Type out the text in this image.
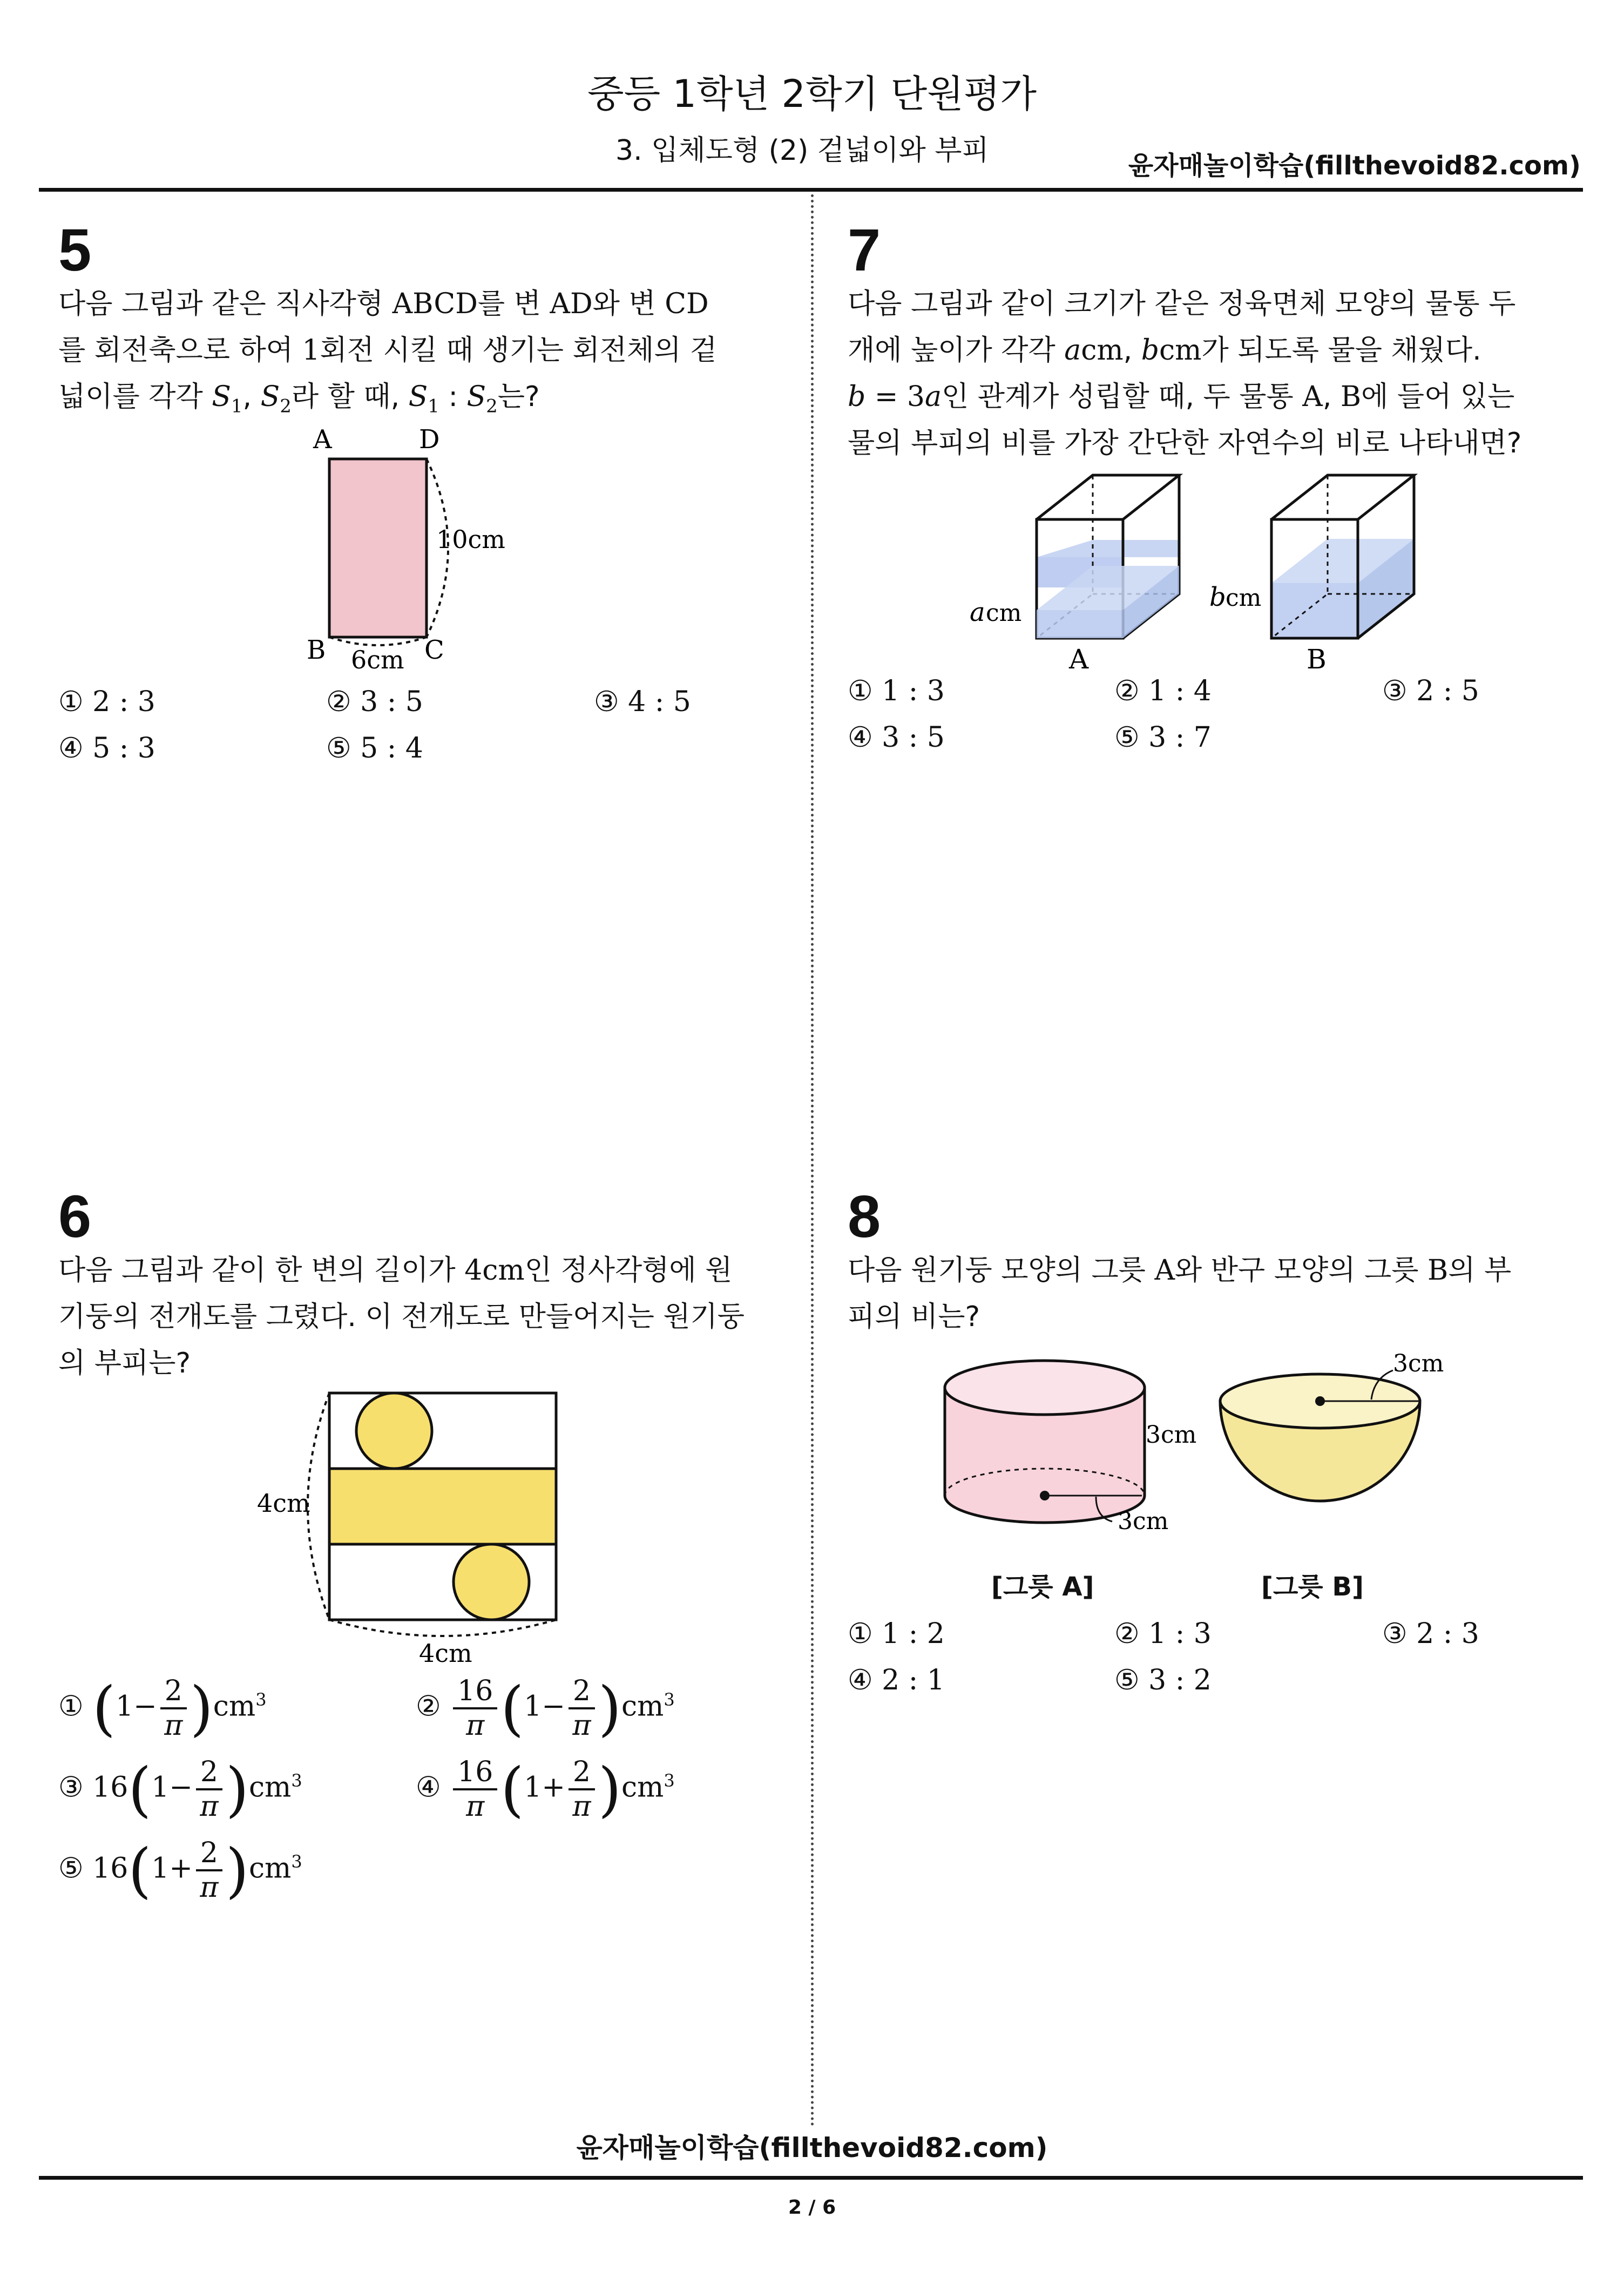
중등 1학년 2학기 단원평가
3. 입체도형 (2) 겉넓이와 부피	윤자매놀이학습(fillthevoid82.com)
5
다음 그림과 같은 직사각형 ABCD를 변 AD와 변 CD
를 회전축으로 하여 1회전 시킬 때 생기는 회전체의 겉
넓이를 각각 $S_1$, $S_2$라 할 때, $S_1$ : $S_2$는?
A	D
B	C
10cm
6cm
① 2 : 3	② 3 : 5	③ 4 : 5
④ 5 : 3	⑤ 5 : 4
7
다음 그림과 같이 크기가 같은 정육면체 모양의 물통 두
개에 높이가 각각 acm, bcm가 되도록 물을 채웠다.
b = 3a인 관계가 성립할 때, 두 물통 A, B에 들어 있는
물의 부피의 비를 가장 간단한 자연수의 비로 나타내면?
a cm
A
b cm
B
① 1 : 3	② 1 : 4	③ 2 : 5
④ 3 : 5	⑤ 3 : 7
6
다음 그림과 같이 한 변의 길이가 4cm인 정사각형에 원
기둥의 전개도를 그렸다. 이 전개도로 만들어지는 원기둥
의 부피는?
4cm
4cm
① $(1- \frac{2}{\pi} )cm^3$	② $\frac{16}{\pi} (1- \frac{2}{\pi} )cm^3$
③ $16(1- \frac{2}{\pi} )cm^3$	④ $\frac{16}{\pi} (1+ \frac{2}{\pi} )cm^3$
⑤ $16(1+ \frac{2}{\pi} )cm^3$
8
다음 원기둥 모양의 그릇 A와 반구 모양의 그릇 B의 부
피의 비는?
3cm
3cm
3cm
[그릇 A]	[그릇 B]
① 1 : 2	② 1 : 3	③ 2 : 3
④ 2 : 1	⑤ 3 : 2
윤자매놀이학습(fillthevoid82.com)
2 / 6
